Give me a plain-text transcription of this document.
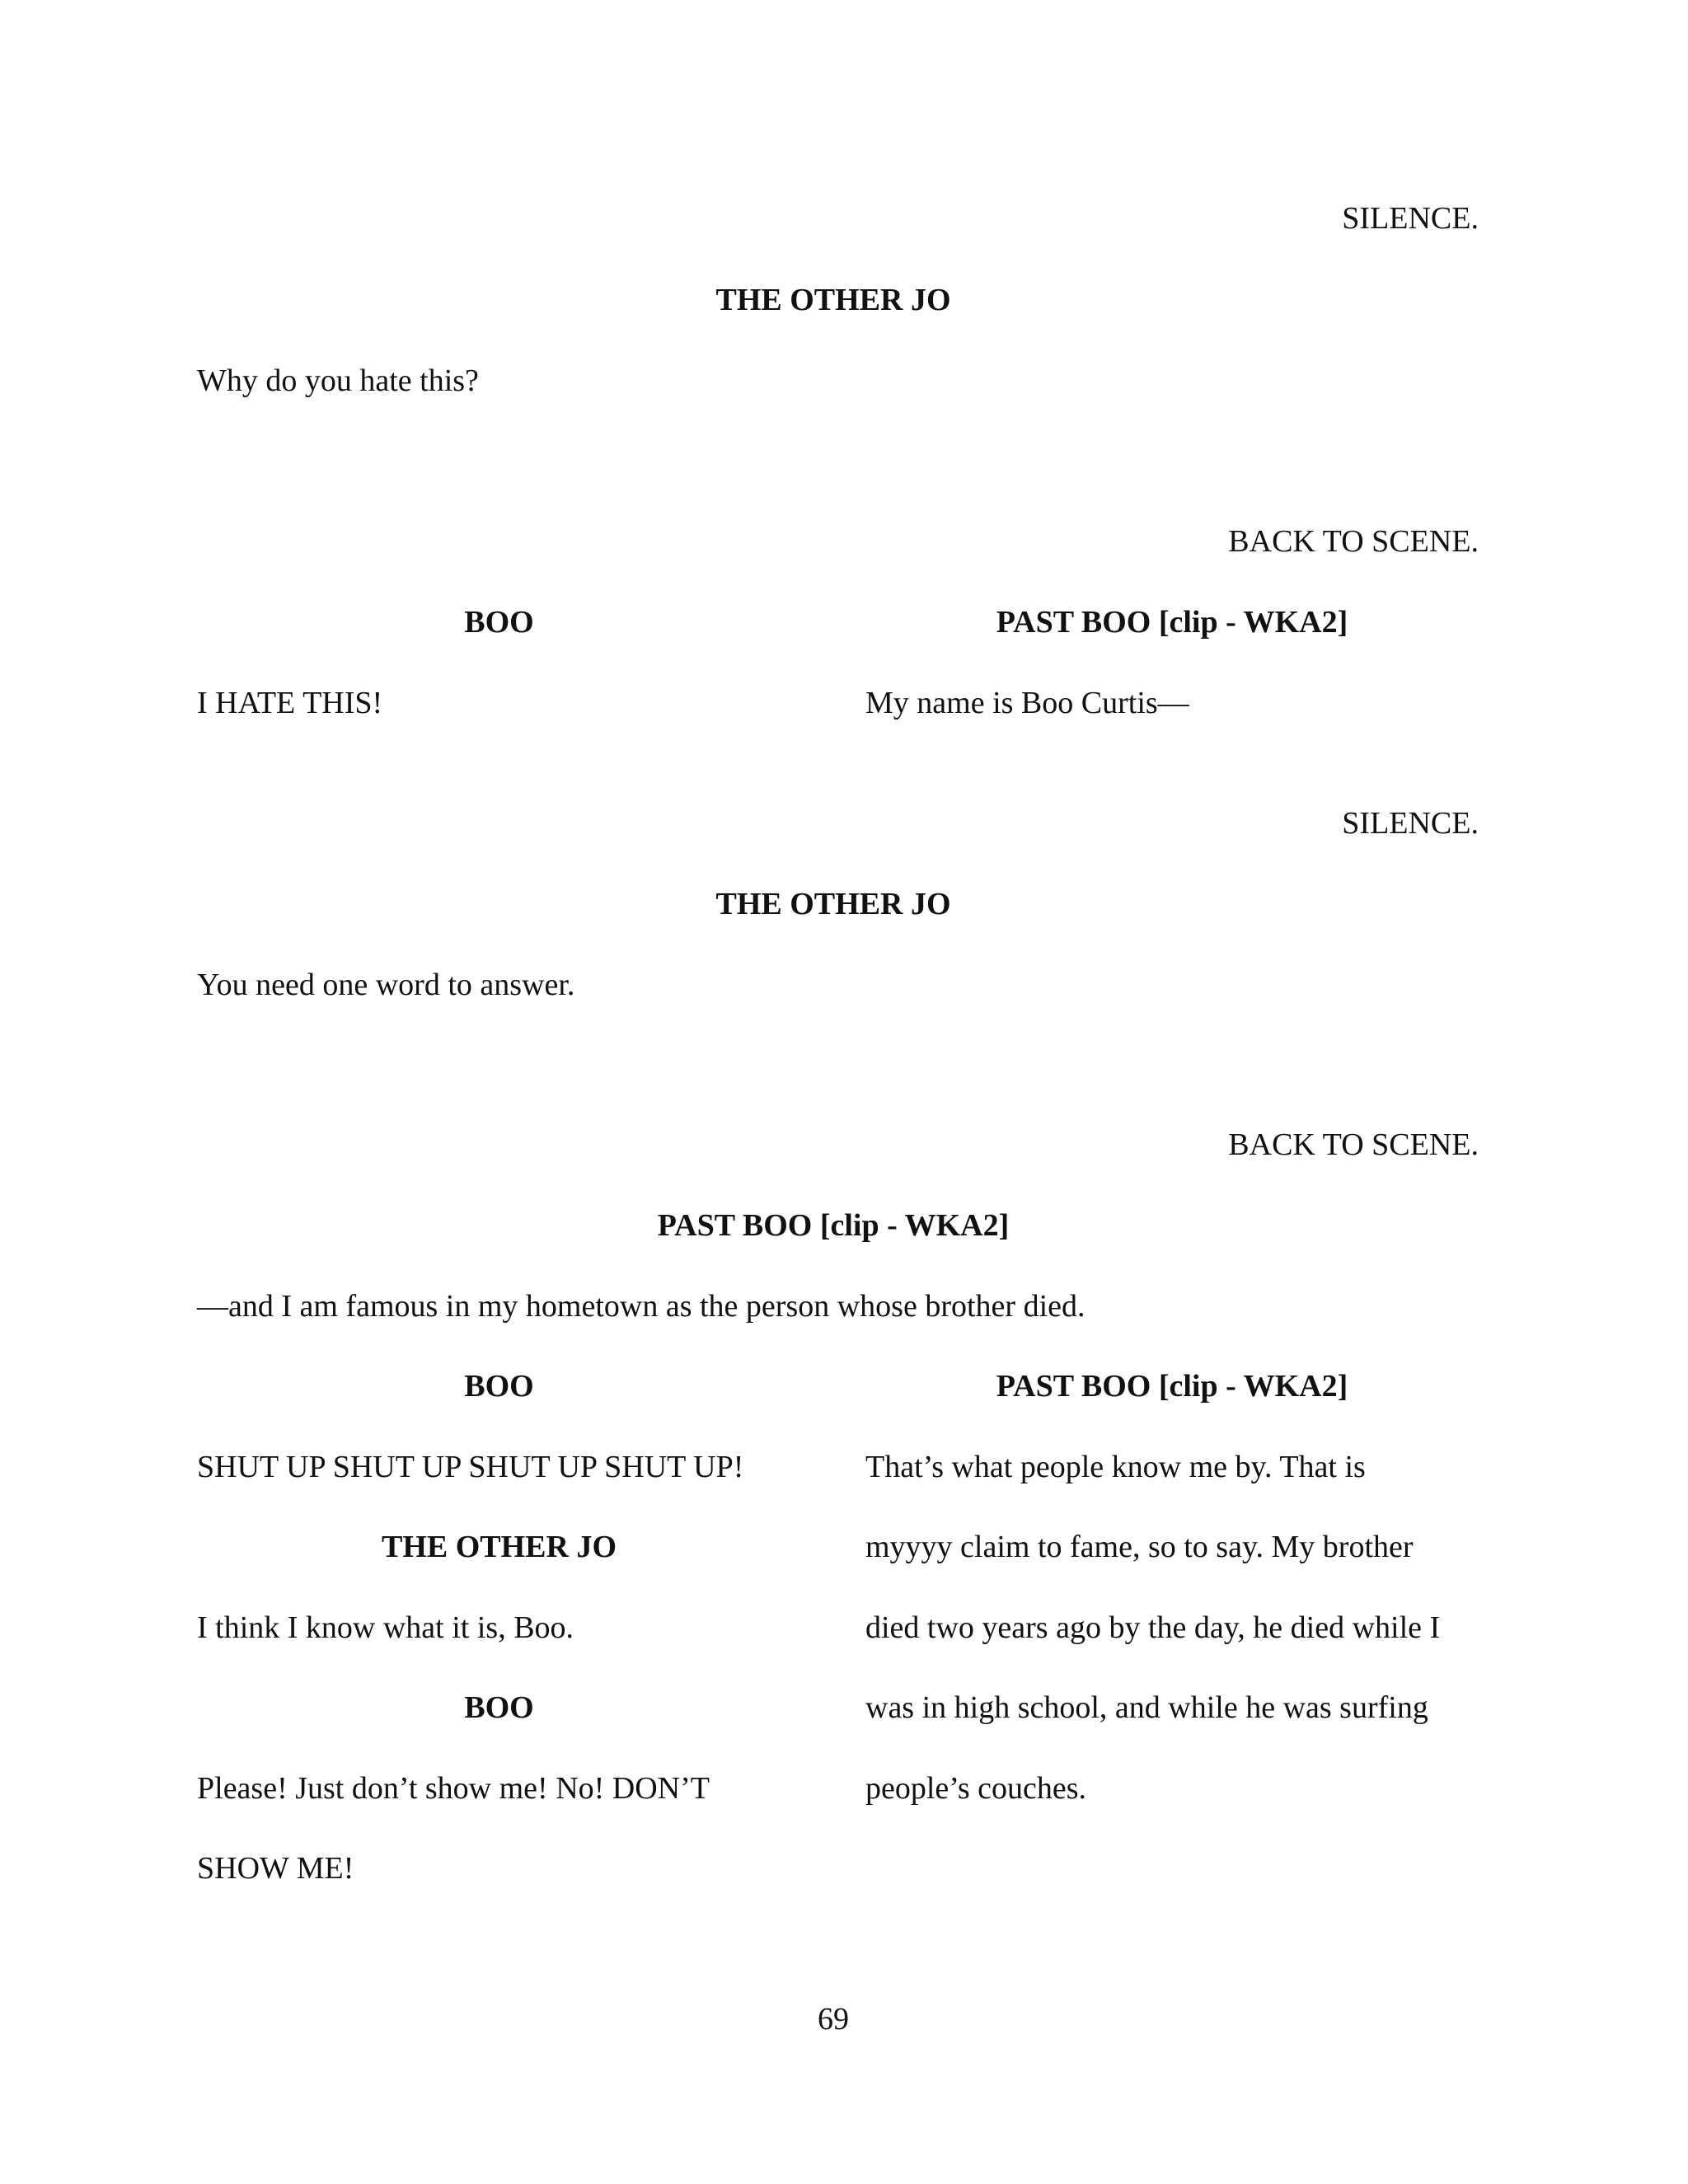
SILENCE.

THE OTHER JO

Why do you hate this?

BACK TO SCENE.

BOO	PAST BOO [clip - WKA2]

I HATE THIS!	My name is Boo Curtis—

SILENCE.

THE OTHER JO

You need one word to answer.

BACK TO SCENE.

PAST BOO [clip - WKA2]

—and I am famous in my hometown as the person whose brother died.

BOO	PAST BOO [clip - WKA2]

SHUT UP SHUT UP SHUT UP SHUT UP!	That’s what people know me by. That is

THE OTHER JO	myyyy claim to fame, so to say. My brother

I think I know what it is, Boo.	died two years ago by the day, he died while I

BOO	was in high school, and while he was surfing

Please! Just don’t show me! No! DON’T	people’s couches.

SHOW ME!

69
